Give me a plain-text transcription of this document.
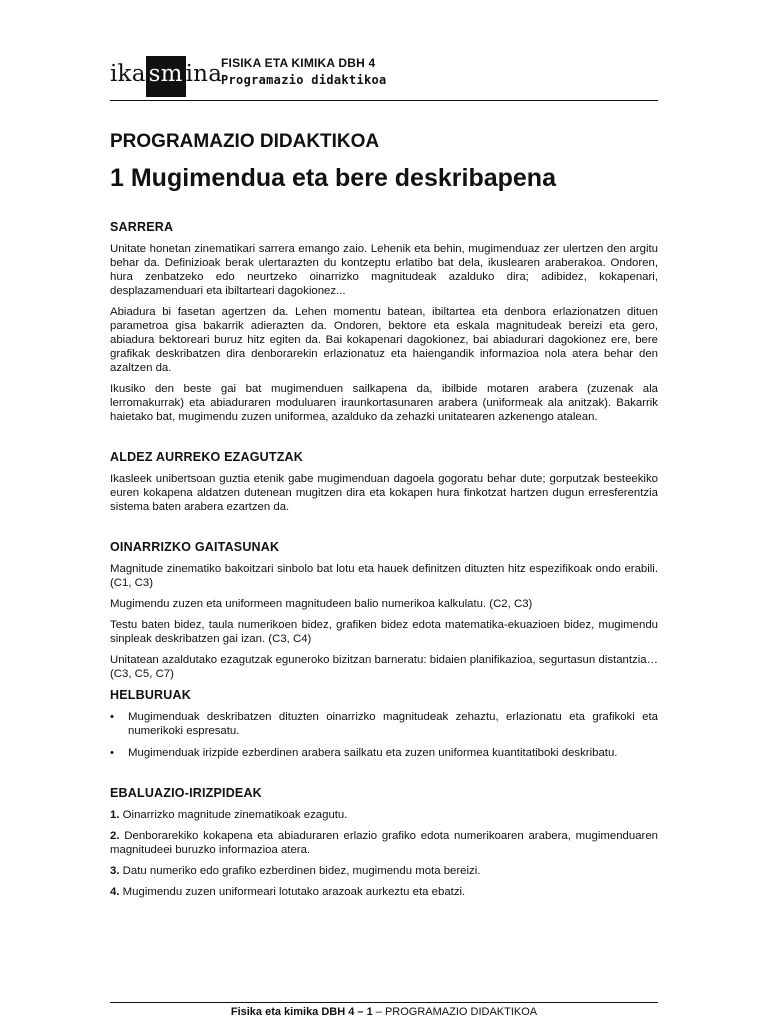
ika sm ina
FISIKA ETA KIMIKA DBH 4
Programazio didaktikoa
PROGRAMAZIO DIDAKTIKOA
1 Mugimendua eta bere deskribapena
SARRERA

Unitate honetan zinematikari sarrera emango zaio. Lehenik eta behin, mugimenduaz zer ulertzen den argitu behar da. Definizioak berak ulertarazten du kontzeptu erlatibo bat dela, ikuslearen araberakoa. Ondoren, hura zenbatzeko edo neurtzeko oinarrizko magnitudeak azalduko dira; adibidez, kokapenari, desplazamenduari eta ibiltarteari dagokionez...

Abiadura bi fasetan agertzen da. Lehen momentu batean, ibiltartea eta denbora erlazionatzen dituen parametroa gisa bakarrik adierazten da. Ondoren, bektore eta eskala magnitudeak bereizi eta gero, abiadura bektoreari buruz hitz egiten da. Bai kokapenari dagokionez, bai abiadurari dagokionez ere, bere grafikak deskribatzen dira denborarekin erlazionatuz eta haiengandik informazioa nola atera behar den azaltzen da.

Ikusiko den beste gai bat mugimenduen sailkapena da, ibilbide motaren arabera (zuzenak ala lerromakurrak) eta abiaduraren moduluaren iraunkortasunaren arabera (uniformeak ala anitzak). Bakarrik haietako bat, mugimendu zuzen uniformea, azalduko da zehazki unitatearen azkenengo atalean.

ALDEZ AURREKO EZAGUTZAK

Ikasleek unibertsoan guztia etenik gabe mugimenduan dagoela gogoratu behar dute; gorputzak besteekiko euren kokapena aldatzen dutenean mugitzen dira eta kokapen hura finkotzat hartzen dugun erresferentzia sistema baten arabera ezartzen da.

OINARRIZKO GAITASUNAK

Magnitude zinematiko bakoitzari sinbolo bat lotu eta hauek definitzen dituzten hitz espezifikoak ondo erabili. (C1, C3)

Mugimendu zuzen eta uniformeen magnitudeen balio numerikoa kalkulatu. (C2, C3)

Testu baten bidez, taula numerikoen bidez, grafiken bidez edota matematika-ekuazioen bidez, mugimendu sinpleak deskribatzen gai izan. (C3, C4)

Unitatean azaldutako ezagutzak eguneroko bizitzan barneratu: bidaien planifikazioa, segurtasun distantzia… (C3, C5, C7)

HELBURUAK
•	Mugimenduak deskribatzen dituzten oinarrizko magnitudeak zehaztu, erlazionatu eta grafikoki eta numerikoki espresatu.

•	Mugimenduak irizpide ezberdinen arabera sailkatu eta zuzen uniformea kuantitatiboki deskribatu.

EBALUAZIO-IRIZPIDEAK

1. Oinarrizko magnitude zinematikoak ezagutu.

2. Denborarekiko kokapena eta abiaduraren erlazio grafiko edota numerikoaren arabera, mugimenduaren magnitudeei buruzko informazioa atera.

3. Datu numeriko edo grafiko ezberdinen bidez, mugimendu mota bereizi.

4. Mugimendu zuzen uniformeari lotutako arazoak aurkeztu eta ebatzi.

Fisika eta kimika DBH 4 – 1 – PROGRAMAZIO DIDAKTIKOA
